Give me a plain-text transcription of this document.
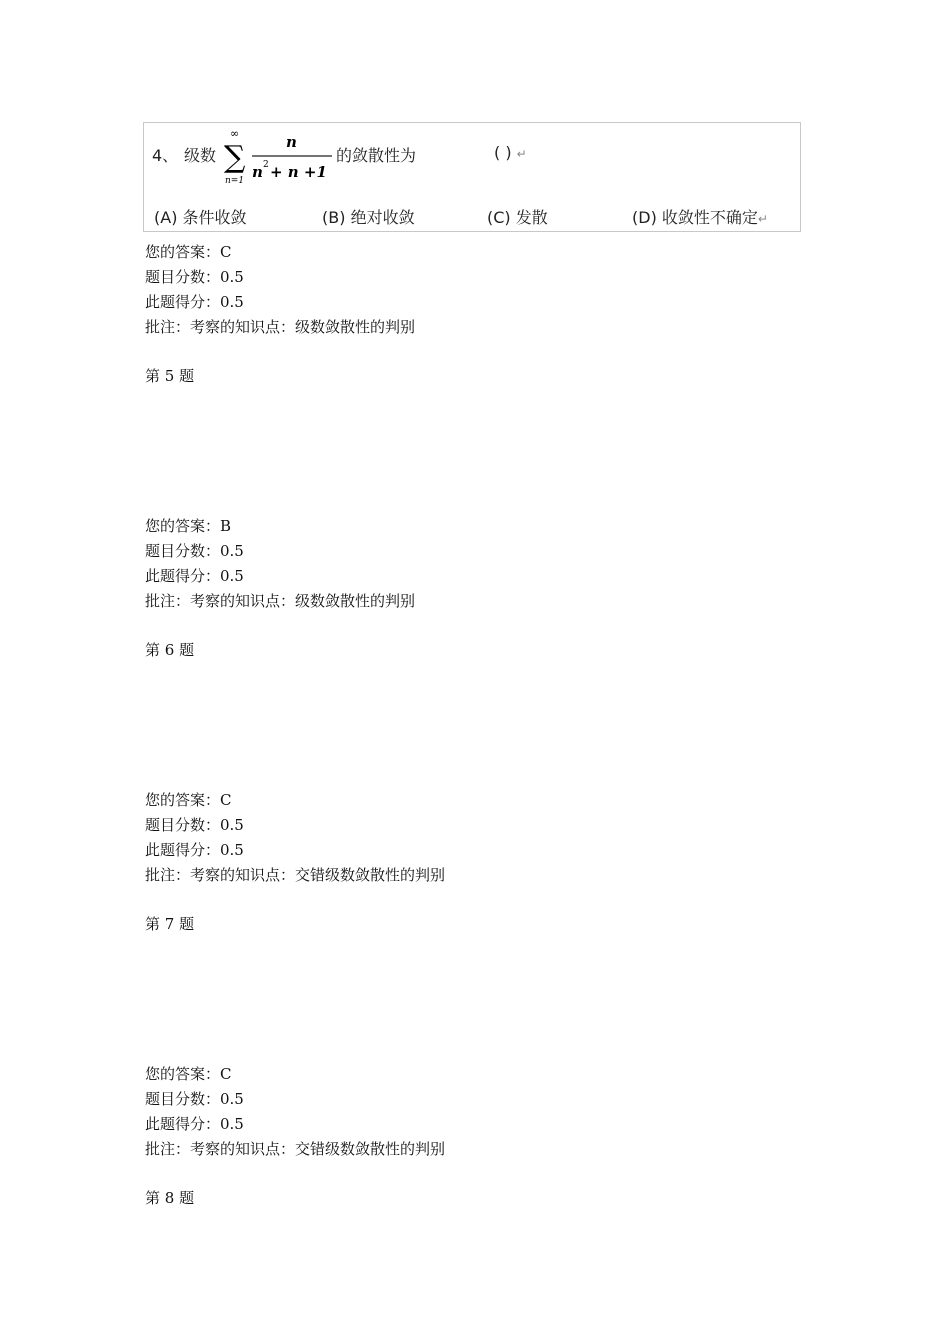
4、 级数
∞
∑
n=1
n
n 2 + n +1
的敛散性为	( ) ↵
(A) 条件收敛	(B) 绝对收敛	(C) 发散	(D) 收敛性不确定↵
您的答案：C
题目分数：0.5
此题得分：0.5
批注：考察的知识点：级数敛散性的判别
第 5 题
您的答案：B
题目分数：0.5
此题得分：0.5
批注：考察的知识点：级数敛散性的判别
第 6 题
您的答案：C
题目分数：0.5
此题得分：0.5
批注：考察的知识点：交错级数敛散性的判别
第 7 题
您的答案：C
题目分数：0.5
此题得分：0.5
批注：考察的知识点：交错级数敛散性的判别
第 8 题
